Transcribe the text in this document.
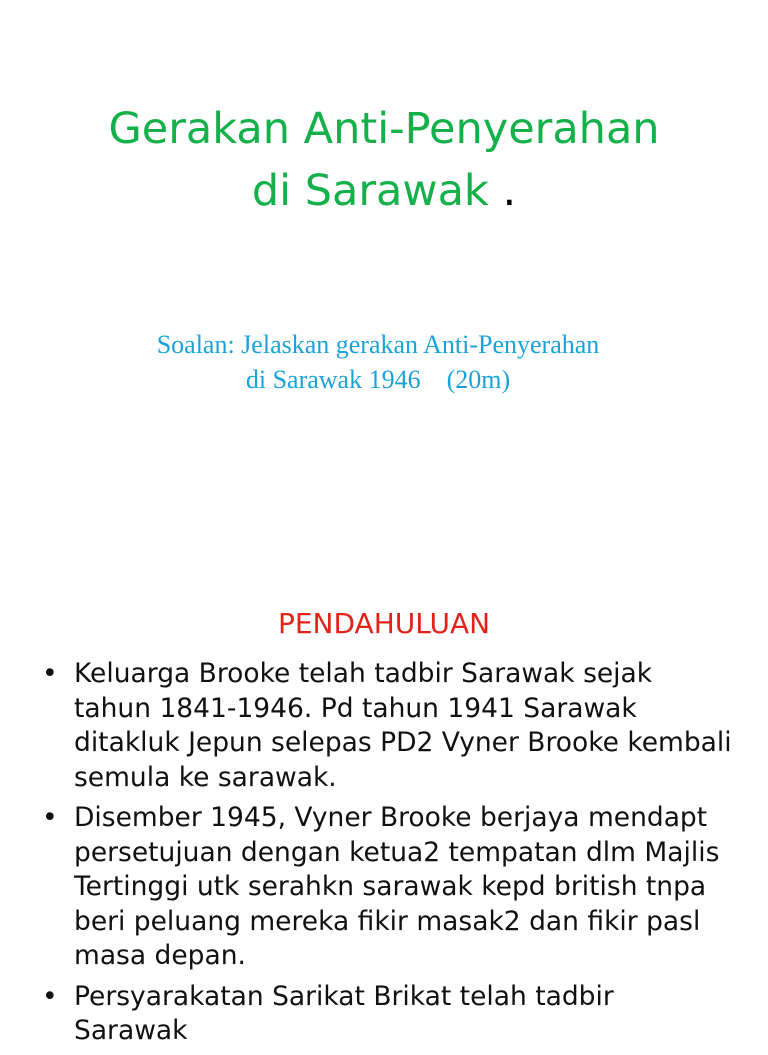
Gerakan Anti-Penyerahan
di Sarawak .
Soalan: Jelaskan gerakan Anti-Penyerahan
di Sarawak 1946    (20m)
PENDAHULUAN
• Keluarga Brooke telah tadbir Sarawak sejak tahun 1841-1946. Pd tahun 1941 Sarawak ditakluk Jepun selepas PD2 Vyner Brooke kembali semula ke sarawak.
• Disember 1945, Vyner Brooke berjaya mendapt persetujuan dengan ketua2 tempatan dlm Majlis Tertinggi utk serahkn sarawak kepd british tnpa beri peluang mereka fikir masak2 dan fikir pasl masa depan.
• Persyarakatan Sarikat Brikat telah tadbir Sarawak
